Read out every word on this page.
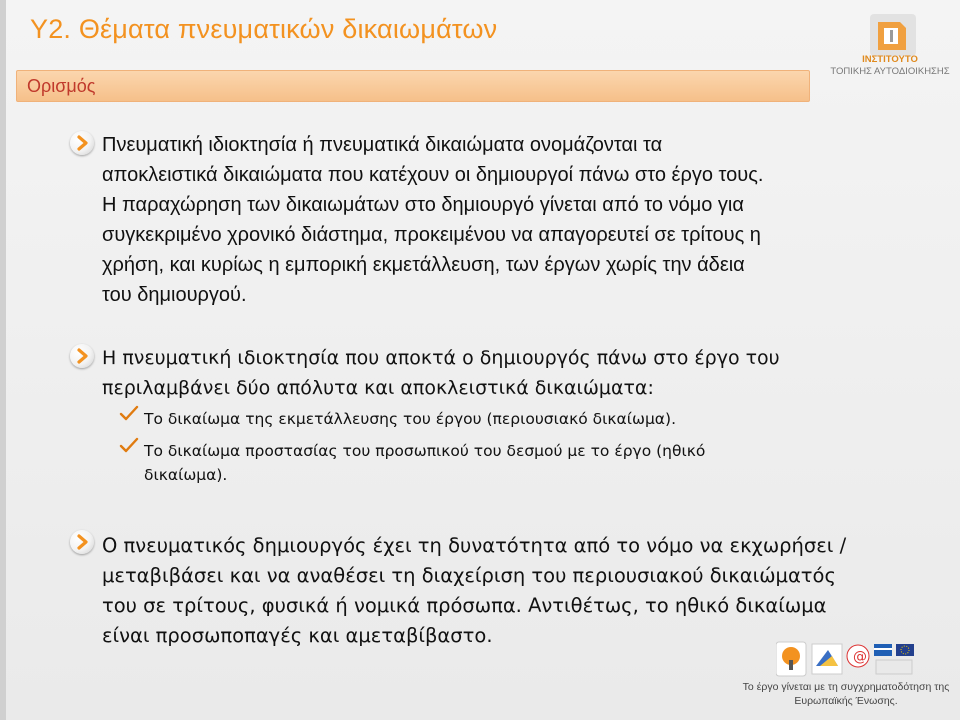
Υ2. Θέματα πνευματικών δικαιωμάτων
ΙΝΣΤΙΤΟΥΤΟ
ΤΟΠΙΚΗΣ ΑΥΤΟΔΙΟΙΚΗΣΗΣ
Ορισμός
Πνευματική ιδιοκτησία ή πνευματικά δικαιώματα ονομάζονται τα
αποκλειστικά δικαιώματα που κατέχουν οι δημιουργοί πάνω στο έργο τους.
Η παραχώρηση των δικαιωμάτων στο δημιουργό γίνεται από το νόμο για
συγκεκριμένο χρονικό διάστημα, προκειμένου να απαγορευτεί σε τρίτους η
χρήση, και κυρίως η εμπορική εκμετάλλευση, των έργων χωρίς την άδεια
του δημιουργού.
Η πνευματική ιδιοκτησία που αποκτά ο δημιουργός πάνω στο έργο του
περιλαμβάνει δύο απόλυτα και αποκλειστικά δικαιώματα:
Το δικαίωμα της εκμετάλλευσης του έργου (περιουσιακό δικαίωμα).
Το δικαίωμα προστασίας του προσωπικού του δεσμού με το έργο (ηθικό
δικαίωμα).
Ο πνευματικός δημιουργός έχει τη δυνατότητα από το νόμο να εκχωρήσει /
μεταβιβάσει και να αναθέσει τη διαχείριση του περιουσιακού δικαιώματός
του σε τρίτους, φυσικά ή νομικά πρόσωπα. Αντιθέτως, το ηθικό δικαίωμα
είναι προσωποπαγές και αμεταβίβαστο.
@
Το έργο γίνεται με τη συγχρηματοδότηση της
Ευρωπαϊκής Ένωσης.
